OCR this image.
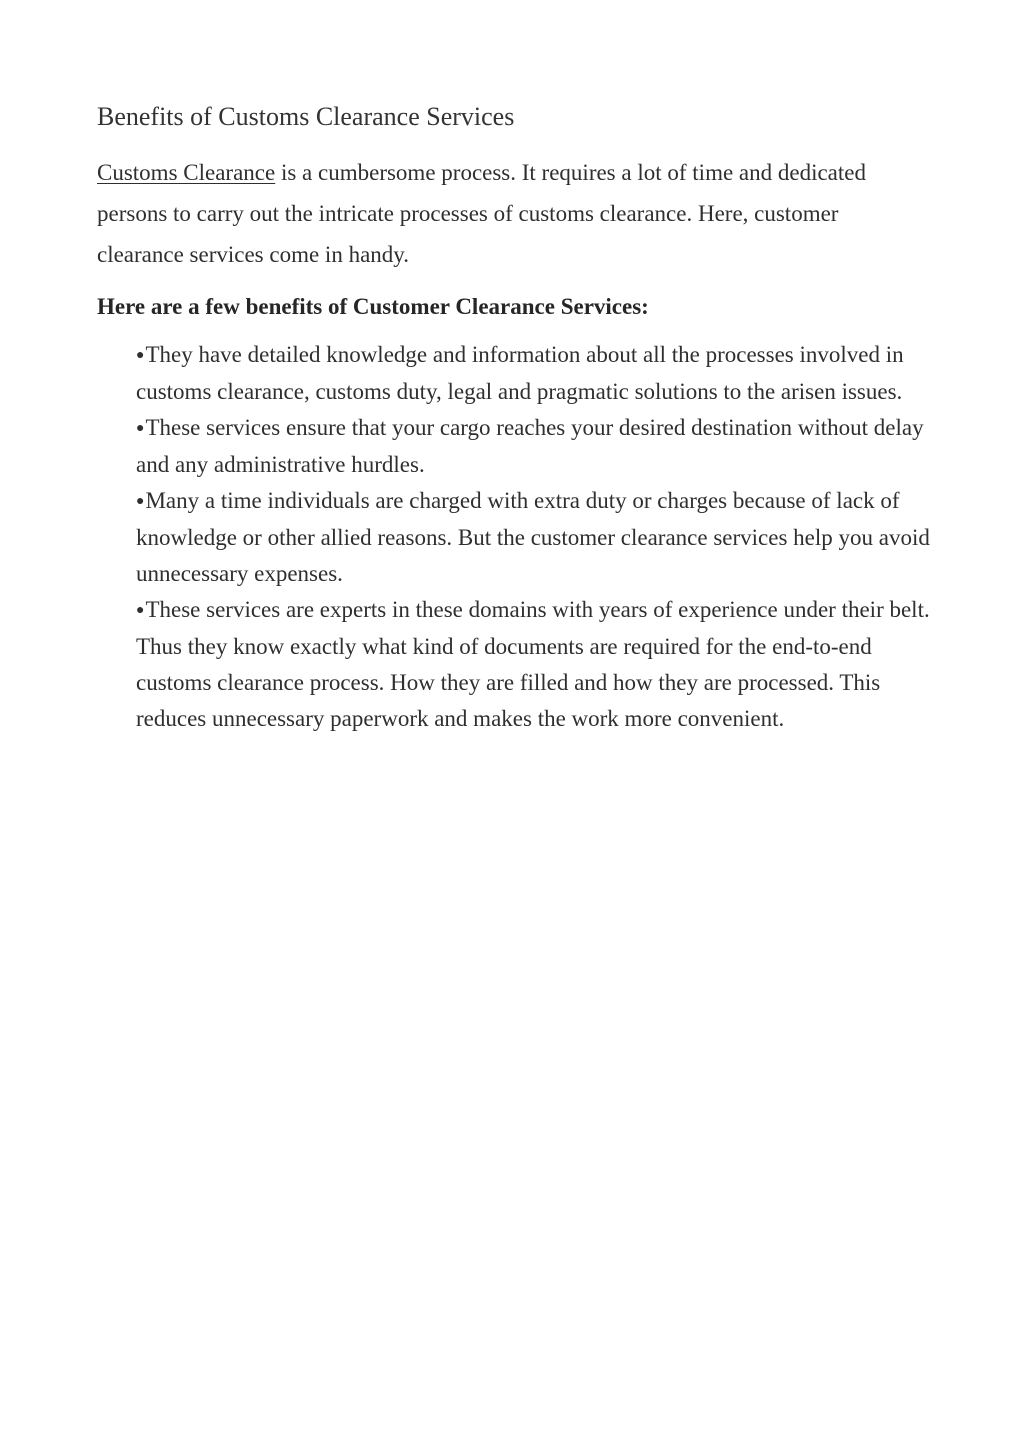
Benefits of Customs Clearance Services

Customs Clearance is a cumbersome process. It requires a lot of time and dedicated persons to carry out the intricate processes of customs clearance. Here, customer clearance services come in handy.

Here are a few benefits of Customer Clearance Services:
●They have detailed knowledge and information about all the processes involved in customs clearance, customs duty, legal and pragmatic solutions to the arisen issues.
●These services ensure that your cargo reaches your desired destination without delay and any administrative hurdles.
●Many a time individuals are charged with extra duty or charges because of lack of knowledge or other allied reasons. But the customer clearance services help you avoid unnecessary expenses.
●These services are experts in these domains with years of experience under their belt. Thus they know exactly what kind of documents are required for the end-to-end customs clearance process. How they are filled and how they are processed. This reduces unnecessary paperwork and makes the work more convenient.
